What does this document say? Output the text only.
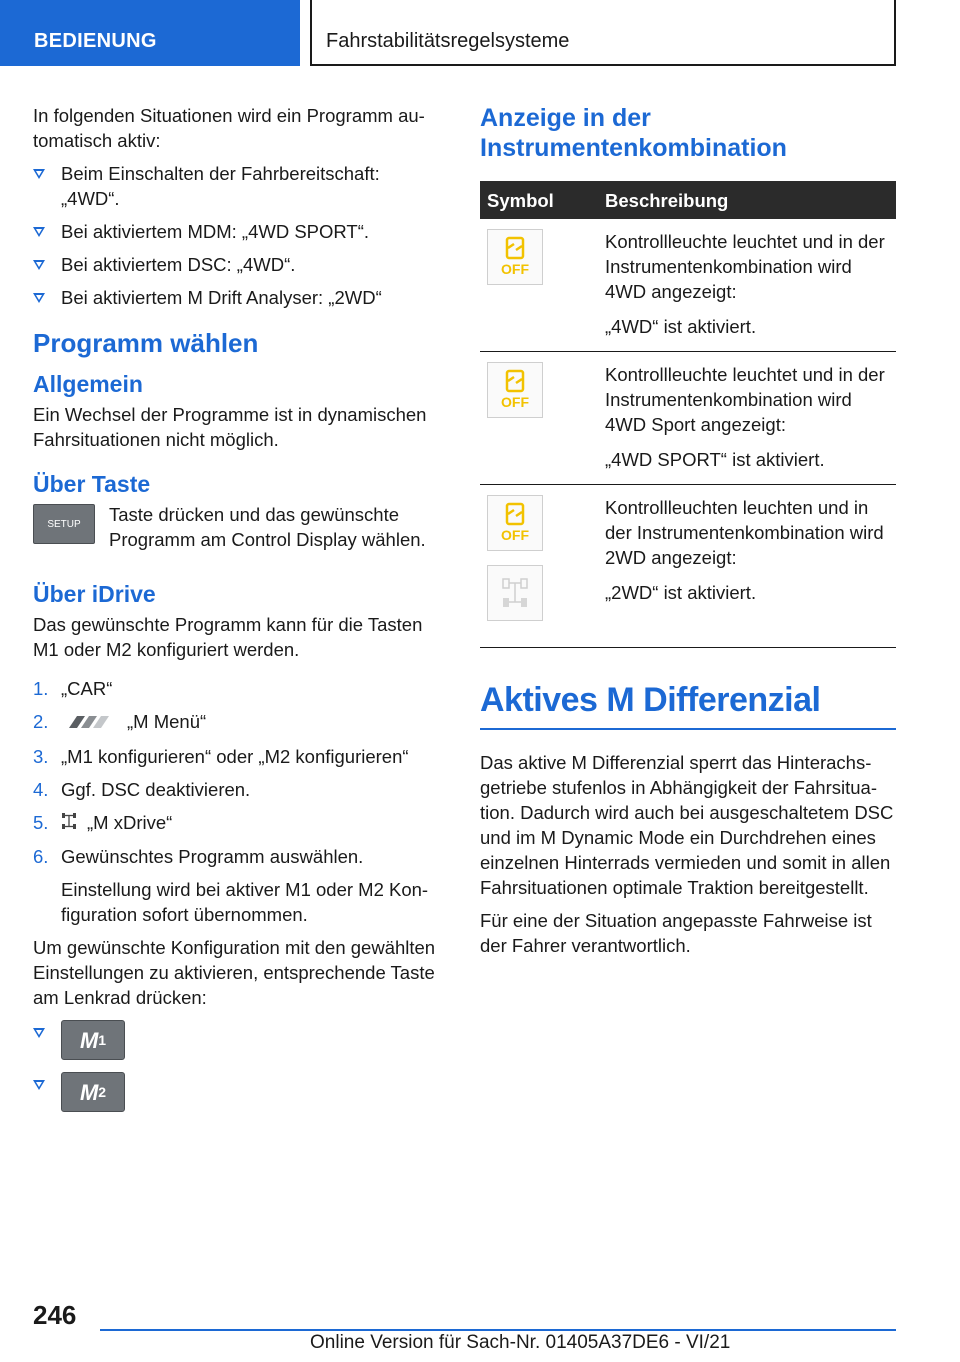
BEDIENUNG	Fahrstabilitätsregelsysteme

In folgenden Situationen wird ein Programm automatisch aktiv:

Beim Einschalten der Fahrbereitschaft: „4WD“.
Bei aktiviertem MDM: „4WD SPORT“.
Bei aktiviertem DSC: „4WD“.
Bei aktiviertem M Drift Analyser: „2WD“
Programm wählen
Allgemein

Ein Wechsel der Programme ist in dynamischen Fahrsituationen nicht möglich.

Über Taste
SETUP Taste drücken und das gewünschte Programm am Control Display wählen.
Über iDrive

Das gewünschte Programm kann für die Tasten M1 oder M2 konfiguriert werden.

1. „CAR“
2.	„M Menü“
3. „M1 konfigurieren“ oder „M2 konfigurieren“
4. Ggf. DSC deaktivieren.
5. „M xDrive“
6. Gewünschtes Programm auswählen.
Einstellung wird bei aktiver M1 oder M2 Konfiguration sofort übernommen.

Um gewünschte Konfiguration mit den gewählten Einstellungen zu aktivieren, entsprechende Taste am Lenkrad drücken:

M 1
M 2
Anzeige in der Instrumentenkombination
Symbol	Beschreibung

OFF	Kontrollleuchte leuchtet und in der Instrumentenkombination wird 4WD angezeigt:

„4WD“ ist aktiviert.

OFF	Kontrollleuchte leuchtet und in der Instrumentenkombination wird 4WD Sport angezeigt:

„4WD SPORT“ ist aktiviert.

OFF	Kontrollleuchten leuchten und in der Instrumentenkombination wird 2WD angezeigt:

„2WD“ ist aktiviert.

Aktives M Differenzial

Das aktive M Differenzial sperrt das Hinterachsgetriebe stufenlos in Abhängigkeit der Fahrsituation. Dadurch wird auch bei ausgeschaltetem DSC und im M Dynamic Mode ein Durchdrehen eines einzelnen Hinterrads vermieden und somit in allen Fahrsituationen optimale Traktion bereitgestellt.

Für eine der Situation angepasste Fahrweise ist der Fahrer verantwortlich.

246
Online Version für Sach-Nr. 01405A37DE6 - VI/21
